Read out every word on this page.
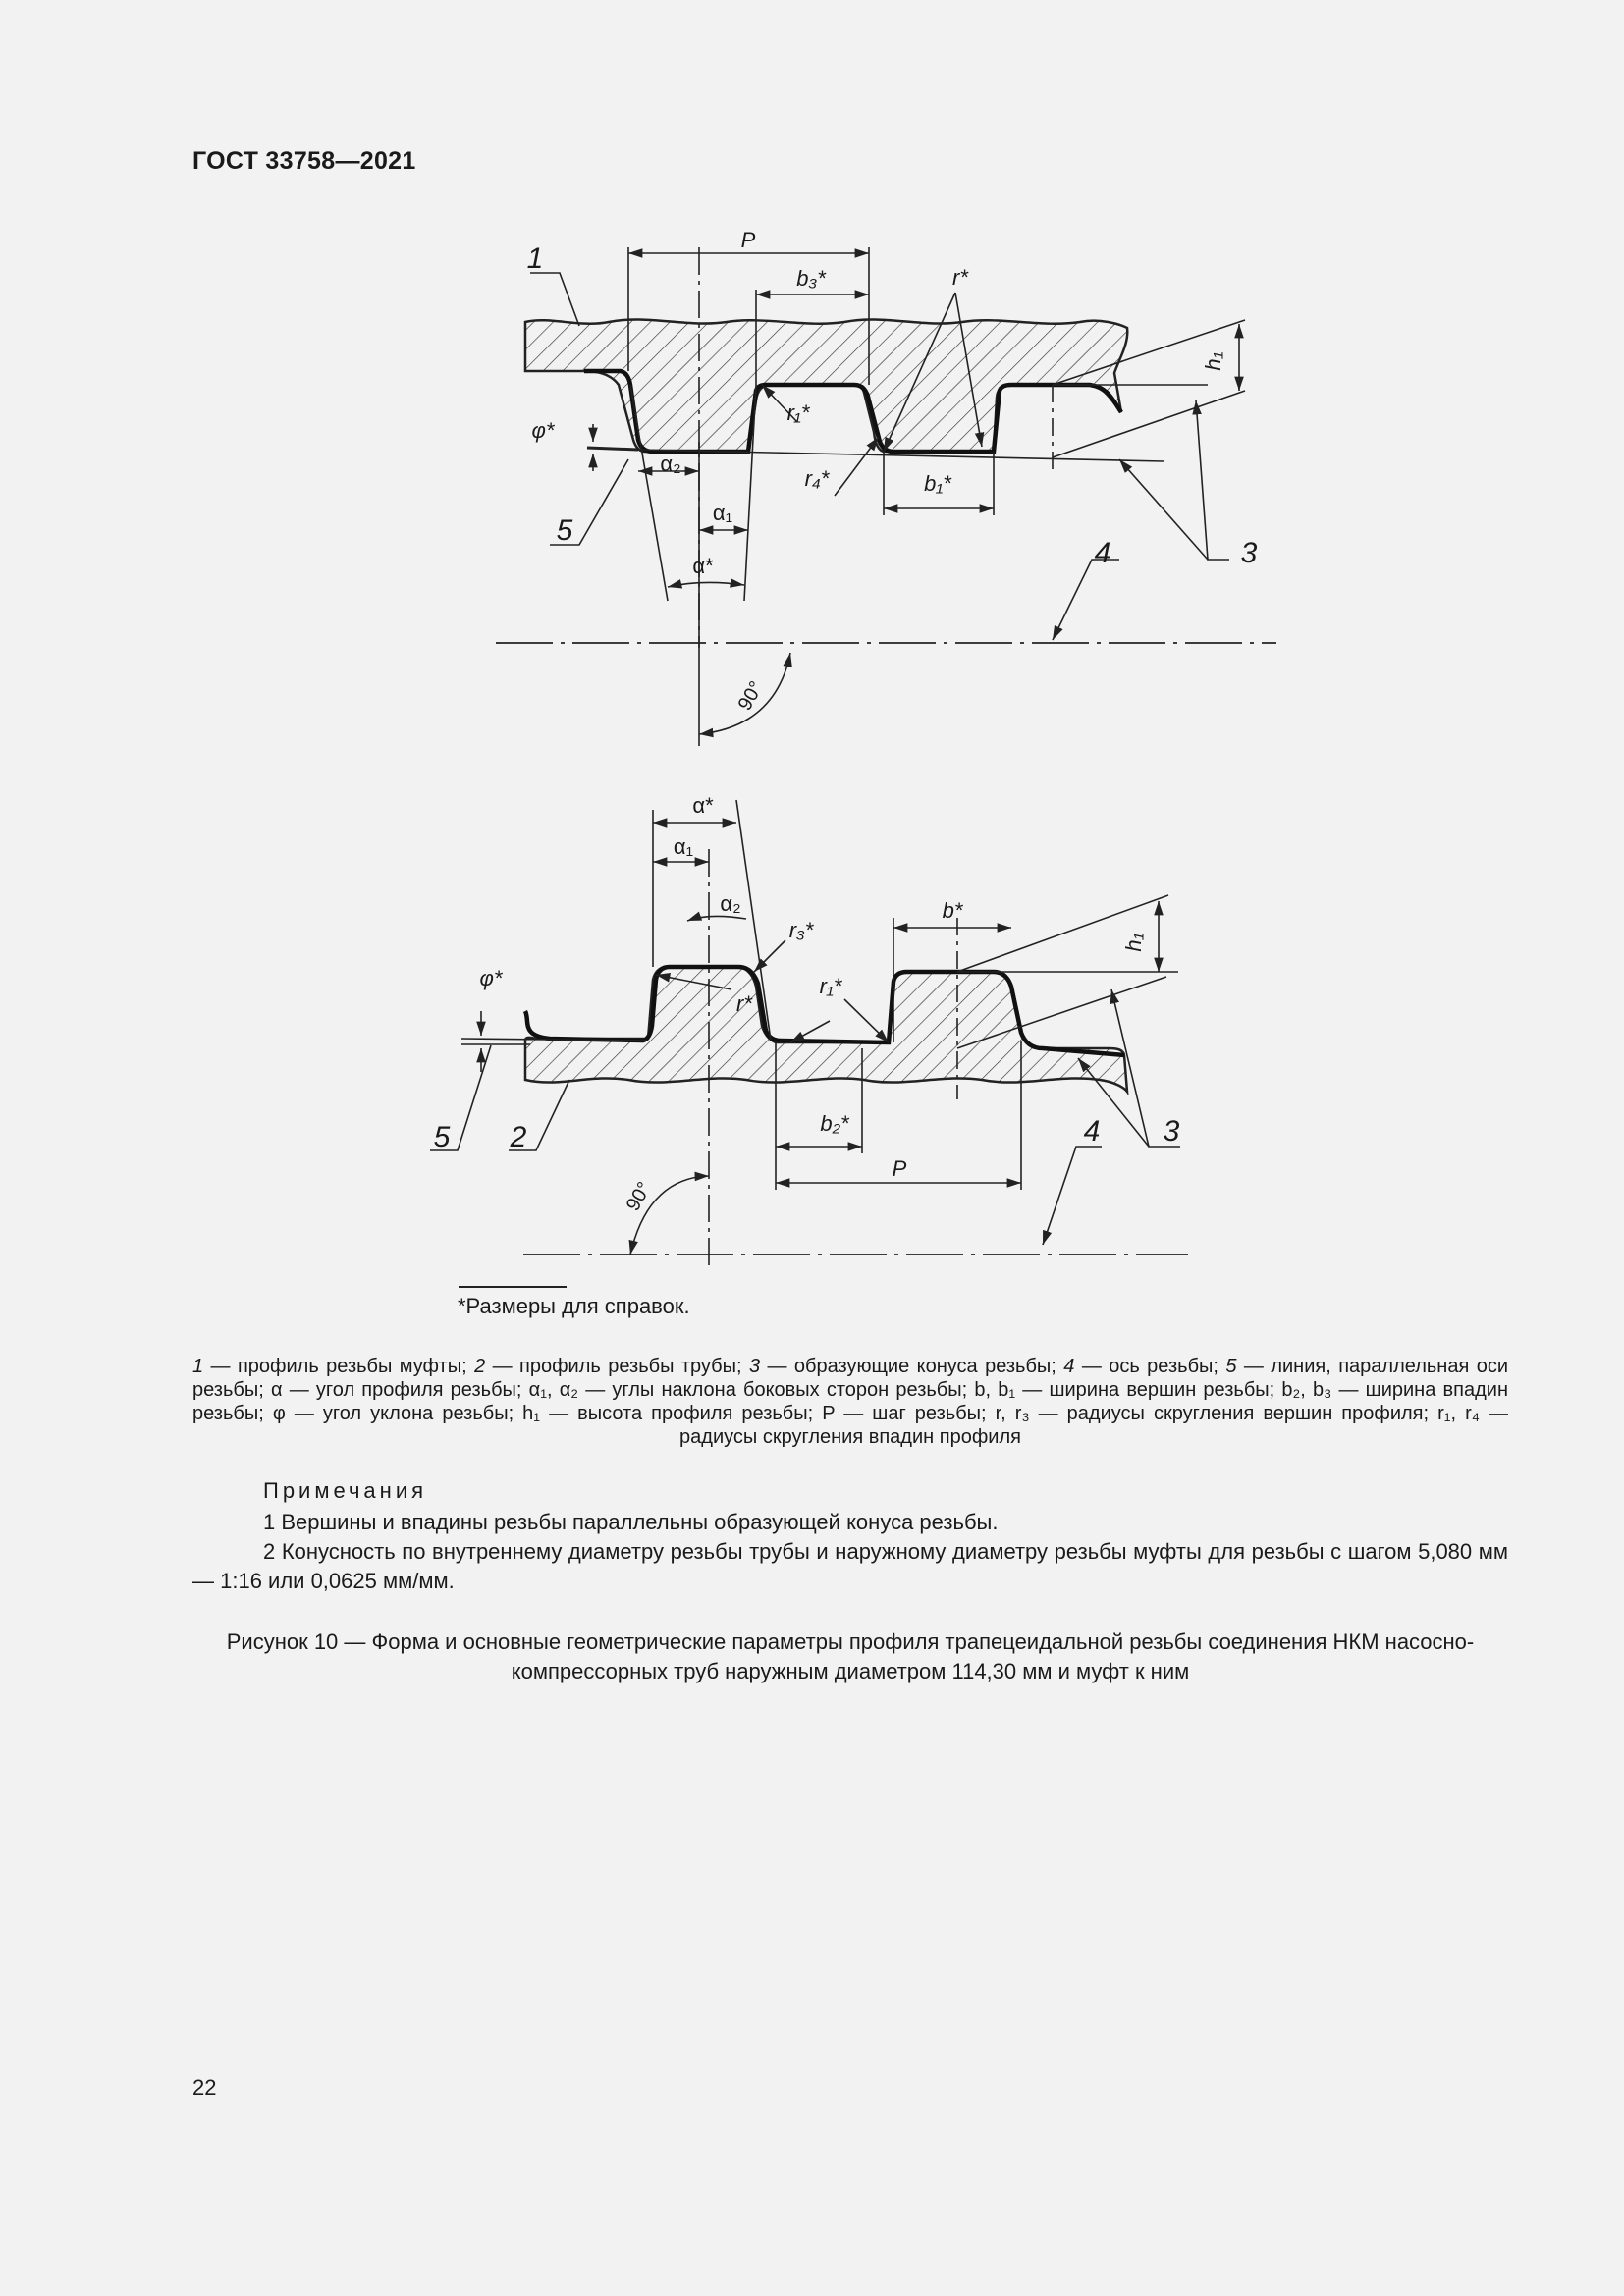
ГОСТ 33758—2021
P
b₃*	r*
r₁*
r₄*	b₁*
h₁
φ*
α₂
α₁
α*
90°
1
5
3
4
α*
α₁
α₂
r₃*
r*
r₁*
b*
h₁
φ*
b₂*
P
90°
5 2	3
4
*Размеры для справок.
1 — профиль резьбы муфты; 2 — профиль резьбы трубы; 3 — образующие конуса резьбы; 4 — ось резьбы; 5 — линия, параллельная оси резьбы; α — угол профиля резьбы; α₁, α₂ — углы наклона боковых сторон резьбы; b, b₁ — ширина вершин резьбы; b₂, b₃ — ширина впадин резьбы; φ — угол уклона резьбы; h₁ — высота профиля резьбы; P — шаг резьбы; r, r₃ — радиусы скругления вершин профиля; r₁, r₄ — радиусы скругления впадин профиля
Примечания
1 Вершины и впадины резьбы параллельны образующей конуса резьбы.
2 Конусность по внутреннему диаметру резьбы трубы и наружному диаметру резьбы муфты для резьбы с шагом 5,080 мм — 1:16 или 0,0625 мм/мм.
Рисунок 10 — Форма и основные геометрические параметры профиля трапецеидальной резьбы соединения НКМ насосно-компрессорных труб наружным диаметром 114,30 мм и муфт к ним
22
